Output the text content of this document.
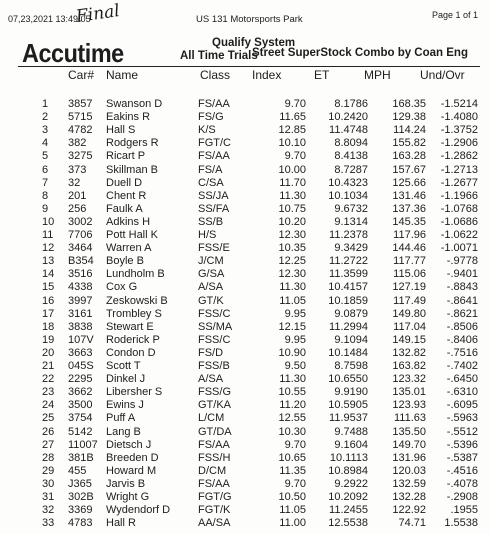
07,23,2021 13:49:05
Final	US 131 Motorsports Park	Page 1 of 1
Accutime	Qualify System
All Time Trials
Street SuperStock Combo by Coan Eng
Car# Name	Class Index	ET	MPH Und/Ovr
1 3857 Swanson D	FS/AA	9.70	8.1786	168.35	-1.5214
2 5715 Eakins R	FS/G	11.65	10.2420	129.38	-1.4080
3 4782 Hall S	K/S	12.85	11.4748	114.24	-1.3752
4 382 Rodgers R	FGT/C	10.10	8.8094	155.82	-1.2906
5 3275 Ricart P	FS/AA	9.70	8.4138	163.28	-1.2862
6 373 Skillman B	FS/A	10.00	8.7287	157.67	-1.2713
7 32 Duell D	C/SA	11.70	10.4323	125.66	-1.2677
8 201 Chent R	SS/JA	11.30	10.1034	131.46	-1.1966
9 256 Faulk A	SS/FA	10.75	9.6732	137.36	-1.0768
10 3002 Adkins H	SS/B	10.20	9.1314	145.35	-1.0686
11 7706 Pott Hall K	H/S	12.30	11.2378	117.96	-1.0622
12 3464 Warren A	FSS/E	10.35	9.3429	144.46	-1.0071
13 B354 Boyle B	J/CM	12.25	11.2722	117.77	-.9778
14 3516 Lundholm B	G/SA	12.30	11.3599	115.06	-.9401
15 4338 Cox G	A/SA	11.30	10.4157	127.19	-.8843
16 3997 Zeskowski B	GT/K	11.05	10.1859	117.49	-.8641
17 3161 Trombley S	FSS/C	9.95	9.0879	149.80	-.8621
18 3838 Stewart E	SS/MA	12.15	11.2994	117.04	-.8506
19 107V Roderick P	FSS/C	9.95	9.1094	149.15	-.8406
20 3663 Condon D	FS/D	10.90	10.1484	132.82	-.7516
21 045S Scott T	FSS/B	9.50	8.7598	163.82	-.7402
22 2295 Dinkel J	A/SA	11.30	10.6550	123.32	-.6450
23 3662 Libersher S	FSS/G	10.55	9.9190	135.01	-.6310
24 3500 Ewins J	GT/KA	11.20	10.5905	123.93	-.6095
25 3754 Puff A	L/CM	12.55	11.9537	111.63	-.5963
26 5142 Lang B	GT/DA	10.30	9.7488	135.50	-.5512
27 11007 Dietsch J	FS/AA	9.70	9.1604	149.70	-.5396
28 381B Breeden D	FSS/H	10.65	10.1113	131.96	-.5387
29 455 Howard M	D/CM	11.35	10.8984	120.03	-.4516
30 J365 Jarvis B	FS/AA	9.70	9.2922	132.59	-.4078
31 302B Wright G	FGT/G	10.50	10.2092	132.28	-.2908
32 3369 Wydendorf D	FGT/K	11.05	11.2455	122.92	.1955
33 4783 Hall R	AA/SA	11.00	12.5538	74.71	1.5538
